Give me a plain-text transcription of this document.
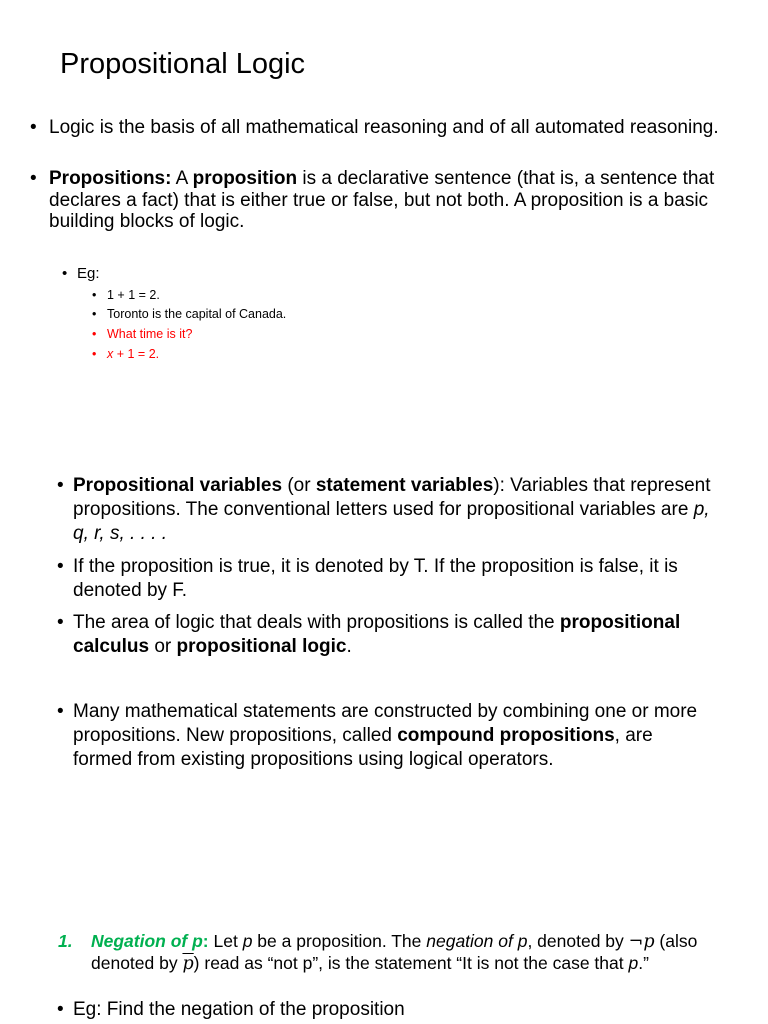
Propositional Logic
• Logic is the basis of all mathematical reasoning and of all automated reasoning.
• Propositions: A proposition is a declarative sentence (that is, a sentence that declares a fact) that is either true or false, but not both. A proposition is a basic building blocks of logic.
• Eg:
• 1 + 1 = 2.
• Toronto is the capital of Canada.
• What time is it?
• x + 1 = 2.
• Propositional variables (or statement variables): Variables that represent propositions. The conventional letters used for propositional variables are p, q, r, s, . . . .
• If the proposition is true, it is denoted by T. If the proposition is false, it is denoted by F.
• The area of logic that deals with propositions is called the propositional calculus or propositional logic.
• Many mathematical statements are constructed by combining one or more propositions. New propositions, called compound propositions, are formed from existing propositions using logical operators.
1. Negation of p: Let p be a proposition. The negation of p, denoted by ¬p (also denoted by $\overline{p}$) read as “not p”, is the statement “It is not the case that p.”
• Eg: Find the negation of the proposition
